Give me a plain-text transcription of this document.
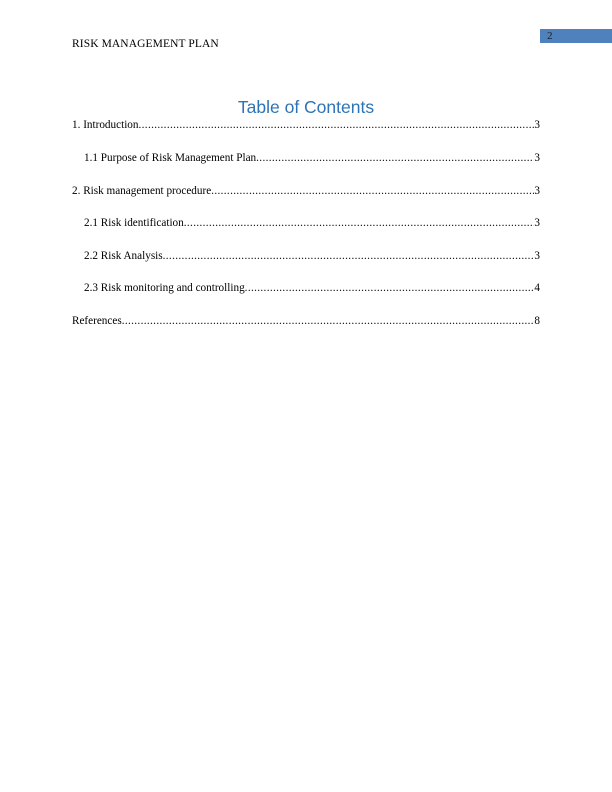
2
RISK MANAGEMENT PLAN
Table of Contents
1. Introduction .....	3
1.1 Purpose of Risk Management Plan .....	3
2. Risk management procedure .....	3
2.1 Risk identification .....	3
2.2 Risk Analysis .....	3
2.3 Risk monitoring and controlling .....	4
References .....	8
